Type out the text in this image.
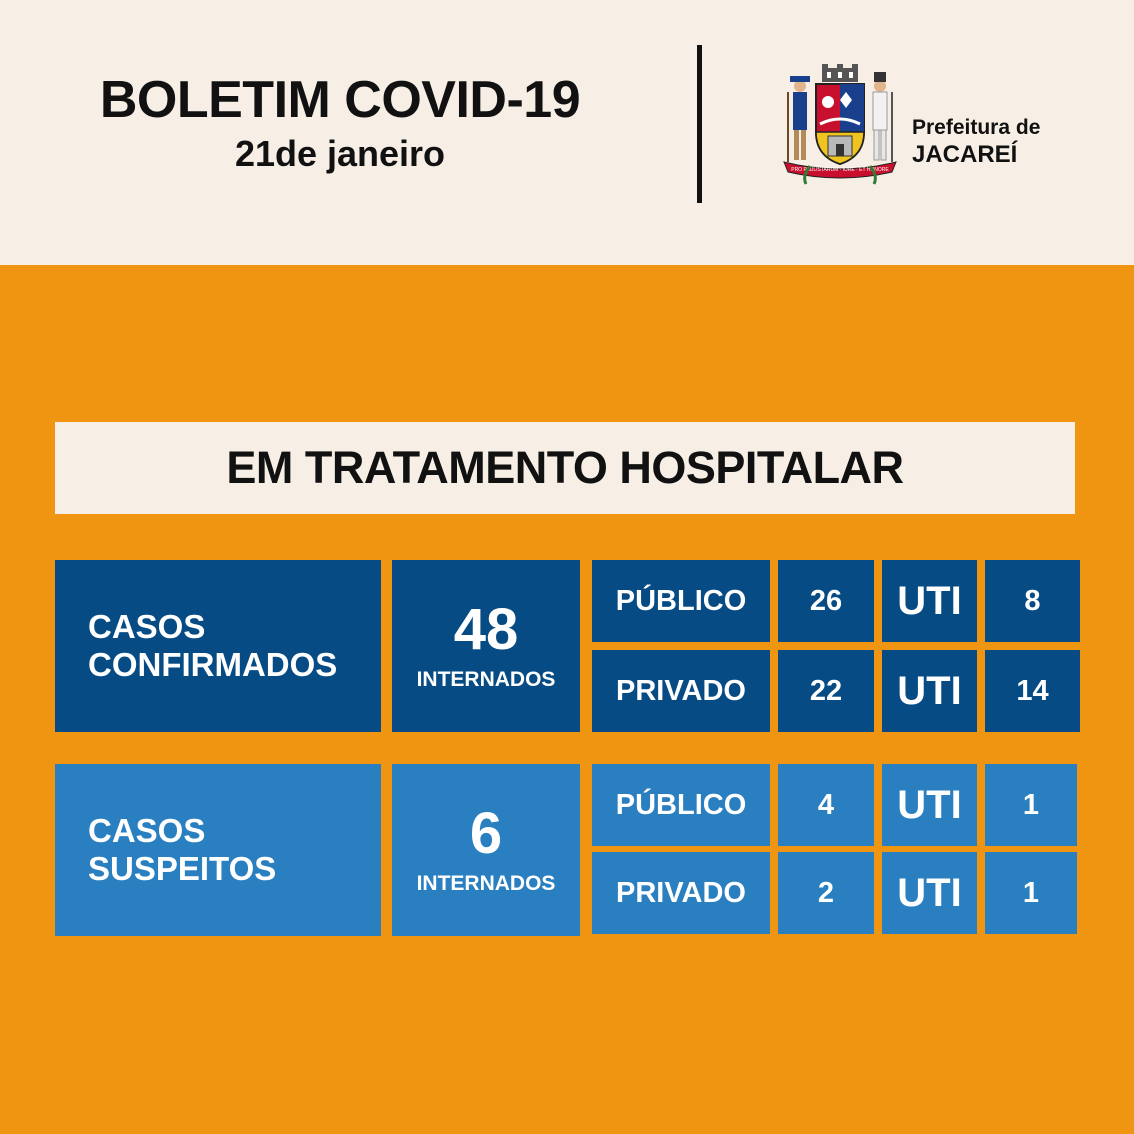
BOLETIM COVID-19
21de janeiro	PRO PAULISTARUM · IURE · ET HONORE
Prefeitura de
JACAREÍ
EM TRATAMENTO HOSPITALAR
CASOS
CONFIRMADOS
48
INTERNADOS
PÚBLICO	26	UTI	8
PRIVADO	22	UTI	14
CASOS
SUSPEITOS
6
INTERNADOS
PÚBLICO	4	UTI	1
PRIVADO	2	UTI	1
